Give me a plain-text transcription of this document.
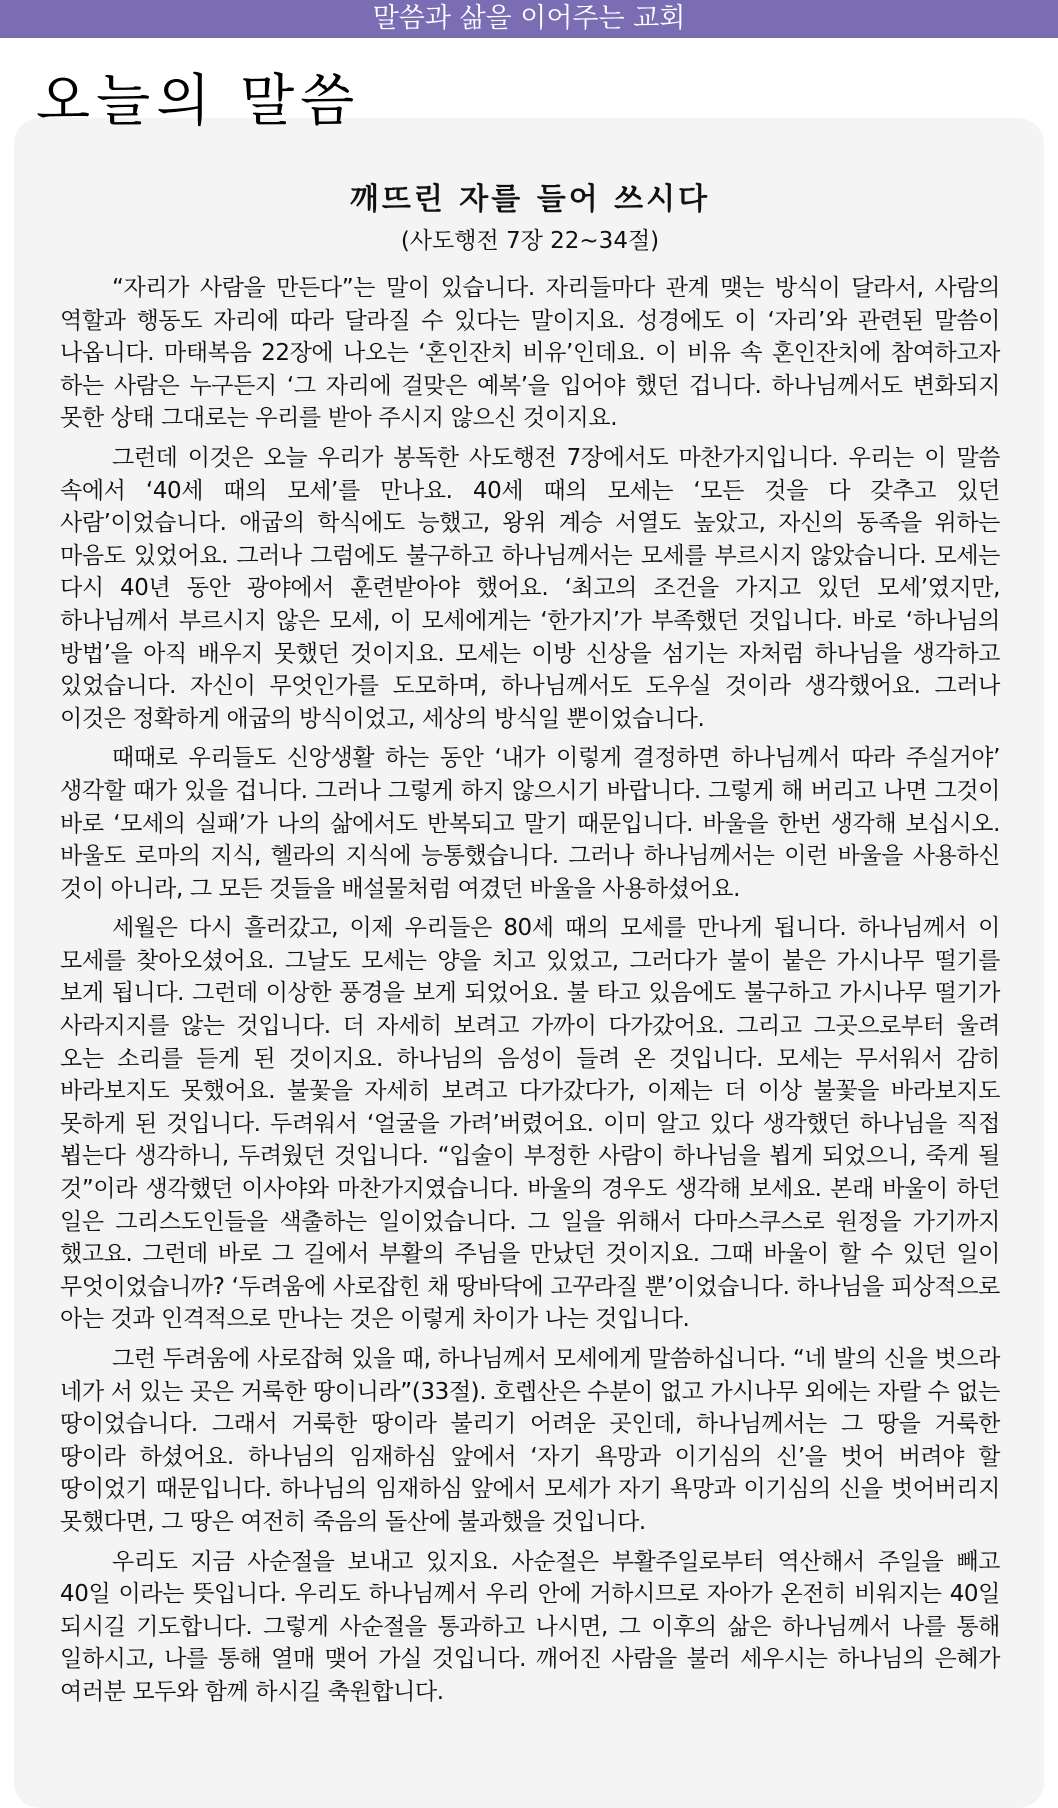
말씀과 삶을 이어주는 교회
오늘의 말씀
깨뜨린 자를 들어 쓰시다
(사도행전 7장 22~34절)

“자리가 사람을 만든다”는 말이 있습니다. 자리들마다 관계 맺는 방식이 달라서, 사람의 역할과 행동도 자리에 따라 달라질 수 있다는 말이지요. 성경에도 이 ‘자리’와 관련된 말씀이 나옵니다. 마태복음 22장에 나오는 ‘혼인잔치 비유’인데요. 이 비유 속 혼인잔치에 참여하고자 하는 사람은 누구든지 ‘그 자리에 걸맞은 예복’을 입어야 했던 겁니다. 하나님께서도 변화되지 못한 상태 그대로는 우리를 받아 주시지 않으신 것이지요.

그런데 이것은 오늘 우리가 봉독한 사도행전 7장에서도 마찬가지입니다. 우리는 이 말씀 속에서 ‘40세 때의 모세’를 만나요. 40세 때의 모세는 ‘모든 것을 다 갖추고 있던 사람’이었습니다. 애굽의 학식에도 능했고, 왕위 계승 서열도 높았고, 자신의 동족을 위하는 마음도 있었어요. 그러나 그럼에도 불구하고 하나님께서는 모세를 부르시지 않았습니다. 모세는 다시 40년 동안 광야에서 훈련받아야 했어요. ‘최고의 조건을 가지고 있던 모세’였지만, 하나님께서 부르시지 않은 모세, 이 모세에게는 ‘한가지’가 부족했던 것입니다. 바로 ‘하나님의 방법’을 아직 배우지 못했던 것이지요. 모세는 이방 신상을 섬기는 자처럼 하나님을 생각하고 있었습니다. 자신이 무엇인가를 도모하며, 하나님께서도 도우실 것이라 생각했어요. 그러나 이것은 정확하게 애굽의 방식이었고, 세상의 방식일 뿐이었습니다.

때때로 우리들도 신앙생활 하는 동안 ‘내가 이렇게 결정하면 하나님께서 따라 주실거야’ 생각할 때가 있을 겁니다. 그러나 그렇게 하지 않으시기 바랍니다. 그렇게 해 버리고 나면 그것이 바로 ‘모세의 실패’가 나의 삶에서도 반복되고 말기 때문입니다. 바울을 한번 생각해 보십시오. 바울도 로마의 지식, 헬라의 지식에 능통했습니다. 그러나 하나님께서는 이런 바울을 사용하신 것이 아니라, 그 모든 것들을 배설물처럼 여겼던 바울을 사용하셨어요.

세월은 다시 흘러갔고, 이제 우리들은 80세 때의 모세를 만나게 됩니다. 하나님께서 이 모세를 찾아오셨어요. 그날도 모세는 양을 치고 있었고, 그러다가 불이 붙은 가시나무 떨기를 보게 됩니다. 그런데 이상한 풍경을 보게 되었어요. 불 타고 있음에도 불구하고 가시나무 떨기가 사라지지를 않는 것입니다. 더 자세히 보려고 가까이 다가갔어요. 그리고 그곳으로부터 울려 오는 소리를 듣게 된 것이지요. 하나님의 음성이 들려 온 것입니다. 모세는 무서워서 감히 바라보지도 못했어요. 불꽃을 자세히 보려고 다가갔다가, 이제는 더 이상 불꽃을 바라보지도 못하게 된 것입니다. 두려워서 ‘얼굴을 가려’버렸어요. 이미 알고 있다 생각했던 하나님을 직접 뵙는다 생각하니, 두려웠던 것입니다. “입술이 부정한 사람이 하나님을 뵙게 되었으니, 죽게 될 것”이라 생각했던 이사야와 마찬가지였습니다. 바울의 경우도 생각해 보세요. 본래 바울이 하던 일은 그리스도인들을 색출하는 일이었습니다. 그 일을 위해서 다마스쿠스로 원정을 가기까지 했고요. 그런데 바로 그 길에서 부활의 주님을 만났던 것이지요. 그때 바울이 할 수 있던 일이 무엇이었습니까? ‘두려움에 사로잡힌 채 땅바닥에 고꾸라질 뿐’이었습니다. 하나님을 피상적으로 아는 것과 인격적으로 만나는 것은 이렇게 차이가 나는 것입니다.

그런 두려움에 사로잡혀 있을 때, 하나님께서 모세에게 말씀하십니다. “네 발의 신을 벗으라 네가 서 있는 곳은 거룩한 땅이니라”(33절). 호렙산은 수분이 없고 가시나무 외에는 자랄 수 없는 땅이었습니다. 그래서 거룩한 땅이라 불리기 어려운 곳인데, 하나님께서는 그 땅을 거룩한 땅이라 하셨어요. 하나님의 임재하심 앞에서 ‘자기 욕망과 이기심의 신’을 벗어 버려야 할 땅이었기 때문입니다. 하나님의 임재하심 앞에서 모세가 자기 욕망과 이기심의 신을 벗어버리지 못했다면, 그 땅은 여전히 죽음의 돌산에 불과했을 것입니다.

우리도 지금 사순절을 보내고 있지요. 사순절은 부활주일로부터 역산해서 주일을 빼고 40일 이라는 뜻입니다. 우리도 하나님께서 우리 안에 거하시므로 자아가 온전히 비워지는 40일 되시길 기도합니다. 그렇게 사순절을 통과하고 나시면, 그 이후의 삶은 하나님께서 나를 통해 일하시고, 나를 통해 열매 맺어 가실 것입니다. 깨어진 사람을 불러 세우시는 하나님의 은혜가 여러분 모두와 함께 하시길 축원합니다.
